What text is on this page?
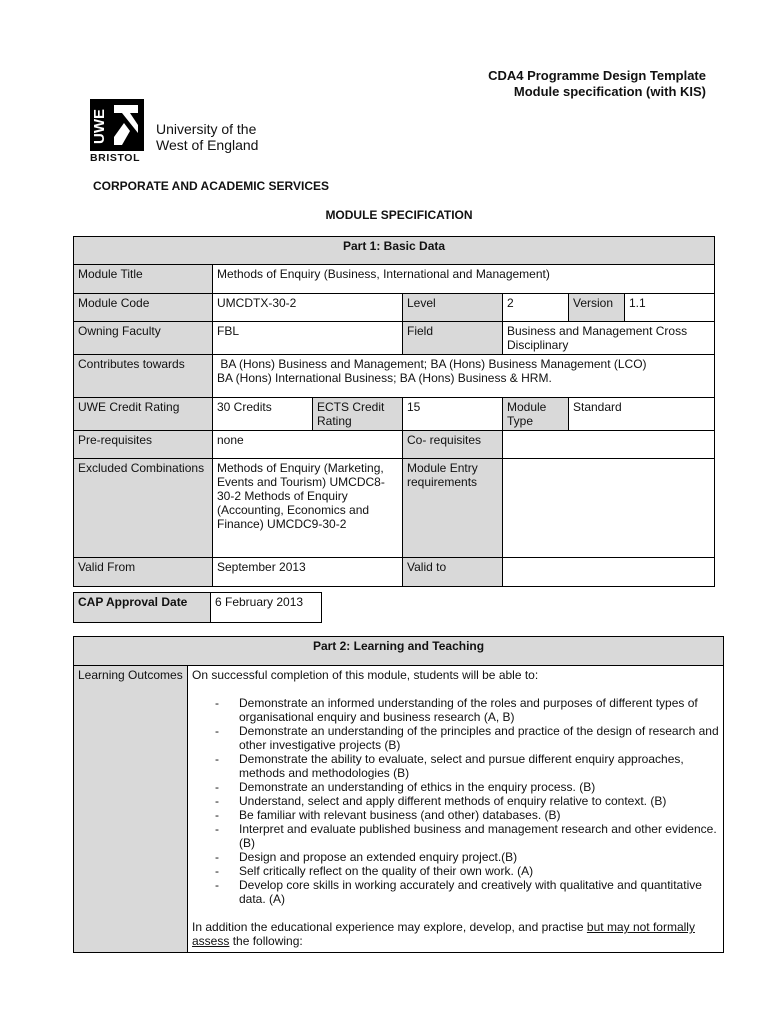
CDA4 Programme Design Template
Module specification (with KIS)
UWE
BRISTOL
University of the
West of England
CORPORATE AND ACADEMIC SERVICES
MODULE SPECIFICATION
Part 1: Basic Data						
Module Title	Methods of Enquiry (Business, International and Management)					
Module Code	UMCDTX-30-2		Level	2	Version	1.1
Owning Faculty	FBL		Field	Business and Management Cross Disciplinary		
Contributes towards	BA (Hons) Business and Management; BA (Hons) Business Management (LCO)
BA (Hons) International Business; BA (Hons) Business & HRM.					

UWE Credit Rating	30 Credits	ECTS Credit Rating	15	Module Type	Standard	
Pre-requisites	none		Co- requisites			
Excluded Combinations	Methods of Enquiry (Marketing, Events and Tourism) UMCDC8-30-2 Methods of Enquiry (Accounting, Economics and Finance) UMCDC9-30-2		Module Entry requirements			
Valid From	September 2013		Valid to			
CAP Approval Date	6 February 2013
Part 2: Learning and Teaching
Learning Outcomes	On successful completion of this module, students will be able to:
- Demonstrate an informed understanding of the roles and purposes of different types of organisational enquiry and business research (A, B)
- Demonstrate an understanding of the principles and practice of the design of research and other investigative projects (B)
- Demonstrate the ability to evaluate, select and pursue different enquiry approaches, methods and methodologies (B)
- Demonstrate an understanding of ethics in the enquiry process. (B)
- Understand, select and apply different methods of enquiry relative to context. (B)
- Be familiar with relevant business (and other) databases. (B)
- Interpret and evaluate published business and management research and other evidence. (B)
- Design and propose an extended enquiry project.(B)
- Self critically reflect on the quality of their own work. (A)
- Develop core skills in working accurately and creatively with qualitative and quantitative data. (A)
In addition the educational experience may explore, develop, and practise but may not formally assess the following:
